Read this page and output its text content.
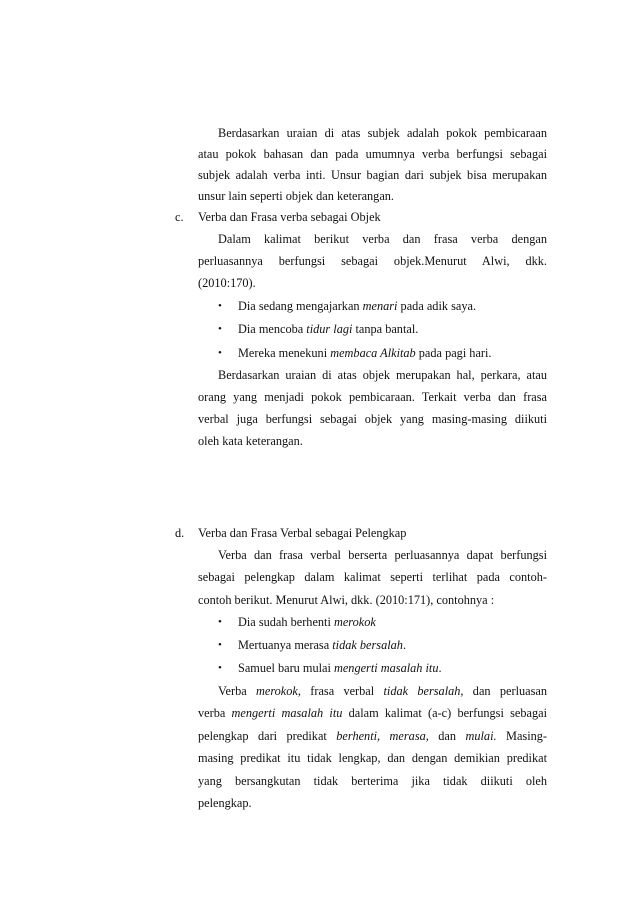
Berdasarkan uraian di atas subjek adalah pokok pembicaraan
atau pokok bahasan dan pada umumnya verba berfungsi sebagai
subjek adalah verba inti. Unsur bagian dari subjek bisa merupakan
unsur lain seperti objek dan keterangan.
c. Verba dan Frasa verba sebagai Objek
Dalam kalimat berikut verba dan frasa verba dengan
perluasannya berfungsi sebagai objek.Menurut Alwi, dkk.
(2010:170).
• Dia sedang mengajarkan menari pada adik saya.
• Dia mencoba tidur lagi tanpa bantal.
• Mereka menekuni membaca Alkitab pada pagi hari.
Berdasarkan uraian di atas objek merupakan hal, perkara, atau
orang yang menjadi pokok pembicaraan. Terkait verba dan frasa
verbal juga berfungsi sebagai objek yang masing-masing diikuti
oleh kata keterangan.
d. Verba dan Frasa Verbal sebagai Pelengkap
Verba dan frasa verbal berserta perluasannya dapat berfungsi
sebagai pelengkap dalam kalimat seperti terlihat pada contoh-
contoh berikut. Menurut Alwi, dkk. (2010:171), contohnya :
• Dia sudah berhenti merokok
• Mertuanya merasa tidak bersalah.
• Samuel baru mulai mengerti masalah itu.
Verba merokok, frasa verbal tidak bersalah, dan perluasan
verba mengerti masalah itu dalam kalimat (a-c) berfungsi sebagai
pelengkap dari predikat berhenti, merasa, dan mulai. Masing-
masing predikat itu tidak lengkap, dan dengan demikian predikat
yang bersangkutan tidak berterima jika tidak diikuti oleh
pelengkap.
